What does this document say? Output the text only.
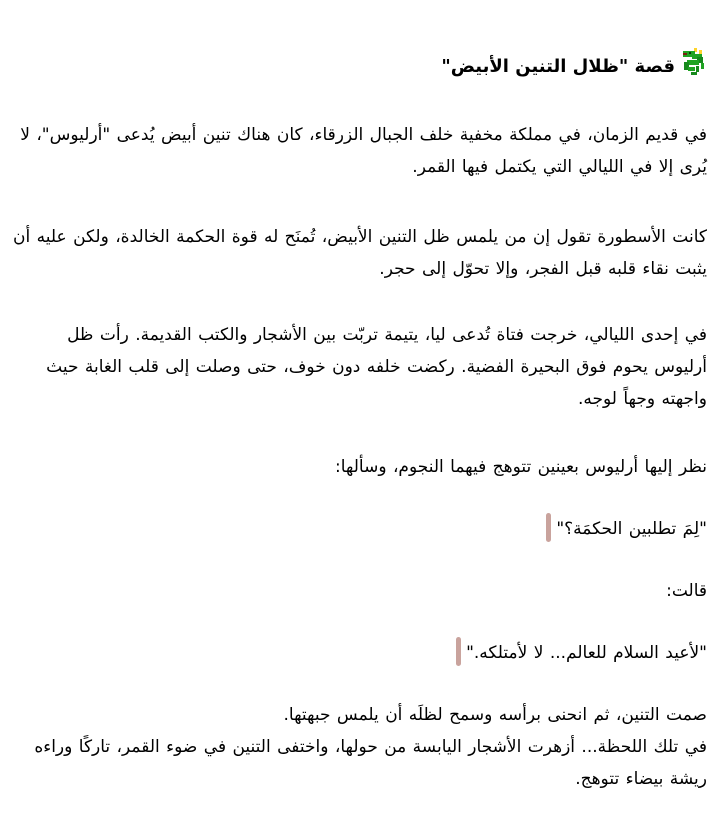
قصة "ظلال التنين الأبيض"

في قديم الزمان، في مملكة مخفية خلف الجبال الزرقاء، كان هناك تنين أبيض يُدعى "أرليوس"، لا يُرى إلا في الليالي التي يكتمل فيها القمر.

كانت الأسطورة تقول إن من يلمس ظل التنين الأبيض، تُمنَح له قوة الحكمة الخالدة، ولكن عليه أن يثبت نقاء قلبه قبل الفجر، وإلا تحوّل إلى حجر.

في إحدى الليالي، خرجت فتاة تُدعى ليا، يتيمة تربّت بين الأشجار والكتب القديمة. رأت ظل أرليوس يحوم فوق البحيرة الفضية. ركضت خلفه دون خوف، حتى وصلت إلى قلب الغابة حيث واجهته وجهاً لوجه.

نظر إليها أرليوس بعينين تتوهج فيهما النجوم، وسألها:

"لِمَ تطلبين الحكمَة؟"

قالت:

"لأعيد السلام للعالم... لا لأمتلكه."

صمت التنين، ثم انحنى برأسه وسمح لظلَه أن يلمس جبهتها.
في تلك اللحظة... أزهرت الأشجار اليابسة من حولها، واختفى التنين في ضوء القمر، تاركًا وراءه ريشة بيضاء تتوهج.
